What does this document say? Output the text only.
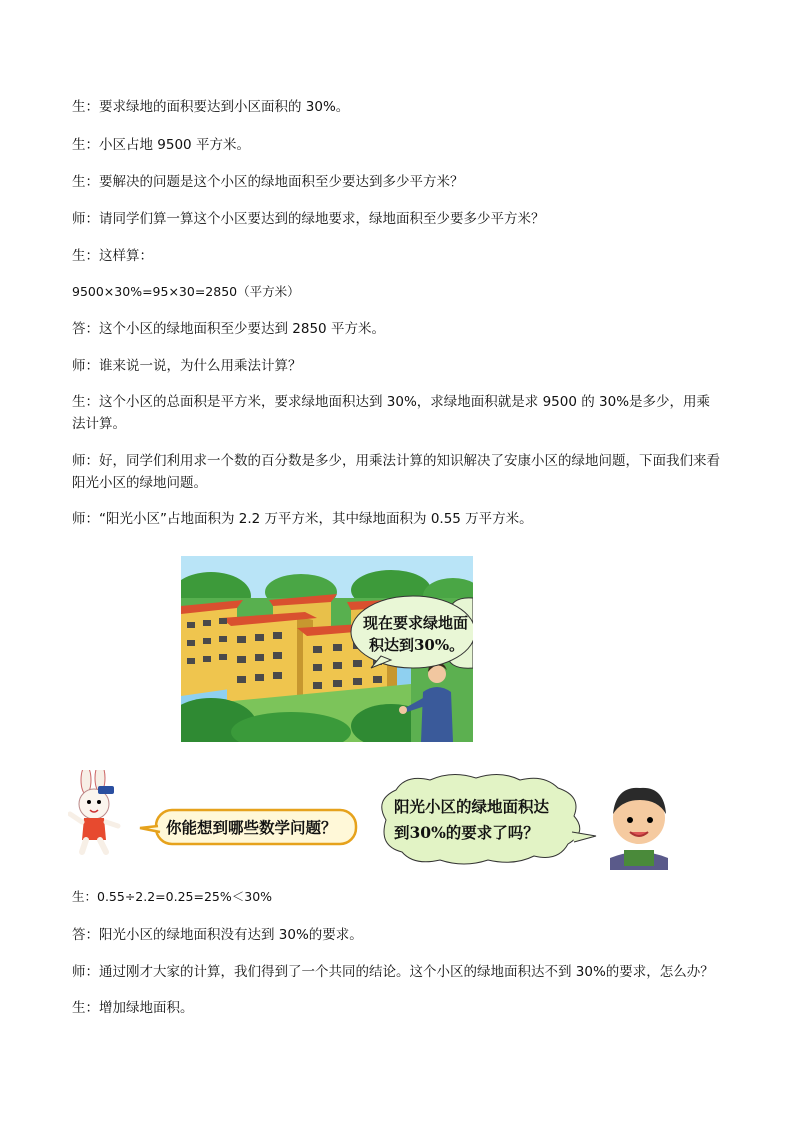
生：要求绿地的面积要达到小区面积的 30%。

生：小区占地 9500 平方米。

生：要解决的问题是这个小区的绿地面积至少要达到多少平方米？

师：请同学们算一算这个小区要达到的绿地要求，绿地面积至少要多少平方米？

生：这样算：

9500×30%=95×30=2850（平方米）

答：这个小区的绿地面积至少要达到 2850 平方米。

师：谁来说一说，为什么用乘法计算？

生：这个小区的总面积是平方米，要求绿地面积达到 30%，求绿地面积就是求 9500 的 30%是多少，用乘法计算。

师：好，同学们利用求一个数的百分数是多少，用乘法计算的知识解决了安康小区的绿地问题，下面我们来看阳光小区的绿地问题。

师：“阳光小区”占地面积为 2.2 万平方米，其中绿地面积为 0.55 万平方米。

现在要求绿地面
积达到30%。
你能想到哪些数学问题？
阳光小区的绿地面积达
到30%的要求了吗？

生：0.55÷2.2=0.25=25%＜30%

答：阳光小区的绿地面积没有达到 30%的要求。

师：通过刚才大家的计算，我们得到了一个共同的结论。这个小区的绿地面积达不到 30%的要求，怎么办？

生：增加绿地面积。
